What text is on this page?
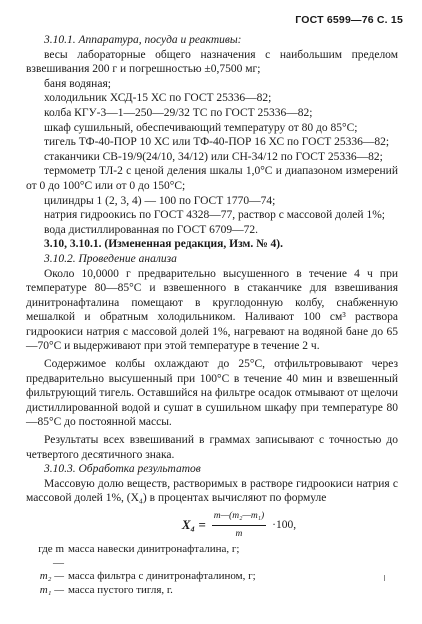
ГОСТ 6599—76 С. 15

3.10.1. Аппаратура, посуда и реактивы:

весы лабораторные общего назначения с наибольшим пределом взвешивания 200 г и погрешностью ±0,7500 мг;

баня водяная;

холодильник ХСД-15 ХС по ГОСТ 25336—82;

колба КГУ-3—1—250—29/32 ТС по ГОСТ 25336—82;

шкаф сушильный, обеспечивающий температуру от 80 до 85°С;

тигель ТФ-40-ПОР 10 ХС или ТФ-40-ПОР 16 ХС по ГОСТ 25336—82;

стаканчики СВ-19/9(24/10, 34/12) или СН-34/12 по ГОСТ 25336—82;

термометр ТЛ-2 с ценой деления шкалы 1,0°С и диапазоном измерений от 0 до 100°С или от 0 до 150°С;

цилиндры 1 (2, 3, 4) — 100 по ГОСТ 1770—74;

натрия гидроокись по ГОСТ 4328—77, раствор с массовой долей 1%;

вода дистиллированная по ГОСТ 6709—72.

3.10, 3.10.1. (Измененная редакция, Изм. № 4).

3.10.2. Проведение анализа

Около 10,0000 г предварительно высушенного в течение 4 ч при температуре 80—85°С и взвешенного в стаканчике для взвешивания динитронафталина помещают в круглодонную колбу, снабженную мешалкой и обратным холодильником. Наливают 100 см³ раствора гидроокиси натрия с массовой долей 1%, нагревают на водяной бане до 65—70°С и выдерживают при этой температуре в течение 2 ч.

Содержимое колбы охлаждают до 25°С, отфильтровывают через предварительно высушенный при 100°С в течение 40 мин и взвешенный фильтрующий тигель. Оставшийся на фильтре осадок отмывают от щелочи дистиллированной водой и сушат в сушильном шкафу при температуре 80—85°С до постоянной массы.

Результаты всех взвешиваний в граммах записывают с точностью до четвертого десятичного знака.

3.10.3. Обработка результатов

Массовую долю веществ, растворимых в растворе гидроокиси натрия с массовой долей 1%, (X₄) в процентах вычисляют по формуле

$X_4 = \frac{\text{m—(m₂—m₁)}}{m} \cdot 100$,
где m —
масса навески динитронафталина, г;
m₂ — масса фильтра с динитронафталином, г;
m₁ — масса пустого тигля, г.
